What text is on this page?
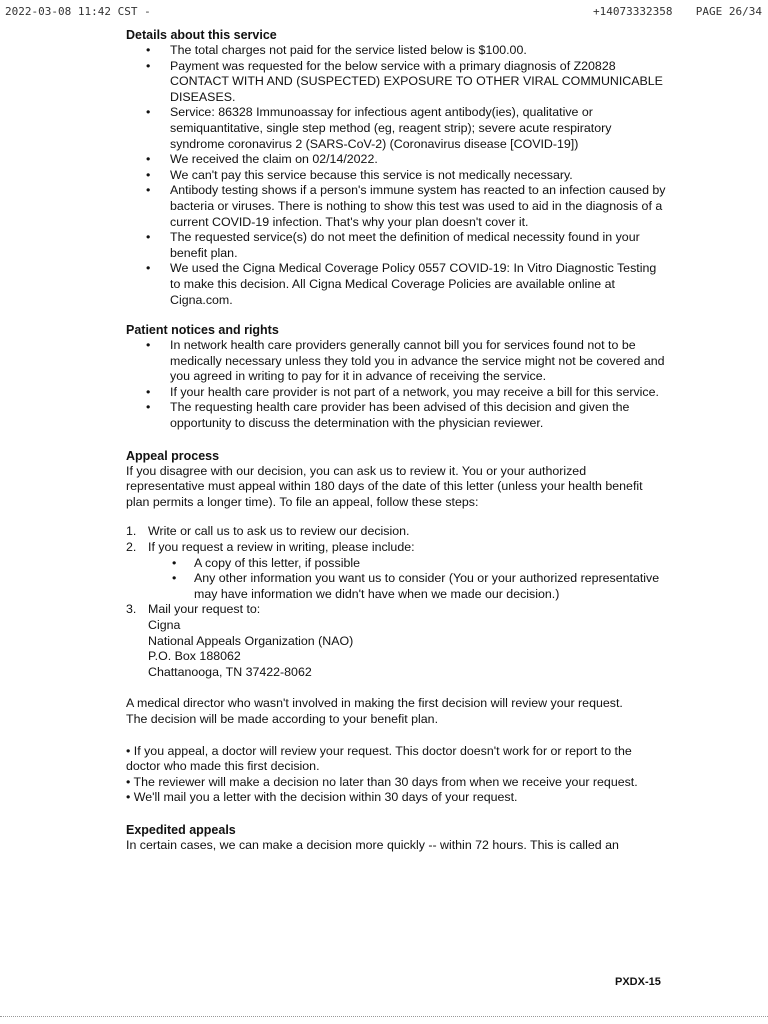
2022-03-08 11:42 CST -	+14073332358 PAGE 26/34
Details about this service
• The total charges not paid for the service listed below is $100.00.
• Payment was requested for the below service with a primary diagnosis of Z20828 CONTACT WITH AND (SUSPECTED) EXPOSURE TO OTHER VIRAL COMMUNICABLE DISEASES.
• Service: 86328 Immunoassay for infectious agent antibody(ies), qualitative or semiquantitative, single step method (eg, reagent strip); severe acute respiratory syndrome coronavirus 2 (SARS-CoV-2) (Coronavirus disease [COVID-19])
• We received the claim on 02/14/2022.
• We can't pay this service because this service is not medically necessary.
• Antibody testing shows if a person's immune system has reacted to an infection caused by bacteria or viruses. There is nothing to show this test was used to aid in the diagnosis of a current COVID-19 infection. That's why your plan doesn't cover it.
• The requested service(s) do not meet the definition of medical necessity found in your benefit plan.
• We used the Cigna Medical Coverage Policy 0557 COVID-19: In Vitro Diagnostic Testing to make this decision. All Cigna Medical Coverage Policies are available online at Cigna.com.
Patient notices and rights
• In network health care providers generally cannot bill you for services found not to be medically necessary unless they told you in advance the service might not be covered and you agreed in writing to pay for it in advance of receiving the service.
• If your health care provider is not part of a network, you may receive a bill for this service.
• The requesting health care provider has been advised of this decision and given the opportunity to discuss the determination with the physician reviewer.
Appeal process

If you disagree with our decision, you can ask us to review it. You or your authorized representative must appeal within 180 days of the date of this letter (unless your health benefit plan permits a longer time). To file an appeal, follow these steps:

1. Write or call us to ask us to review our decision.
2. If you request a review in writing, please include:
• A copy of this letter, if possible
• Any other information you want us to consider (You or your authorized representative may have information we didn't have when we made our decision.)
3. Mail your request to:
Cigna
National Appeals Organization (NAO)
P.O. Box 188062
Chattanooga, TN 37422-8062

A medical director who wasn't involved in making the first decision will review your request.

The decision will be made according to your benefit plan.

• If you appeal, a doctor will review your request. This doctor doesn't work for or report to the doctor who made this first decision.

• The reviewer will make a decision no later than 30 days from when we receive your request.

• We'll mail you a letter with the decision within 30 days of your request.

Expedited appeals

In certain cases, we can make a decision more quickly -- within 72 hours. This is called an

PXDX-15
